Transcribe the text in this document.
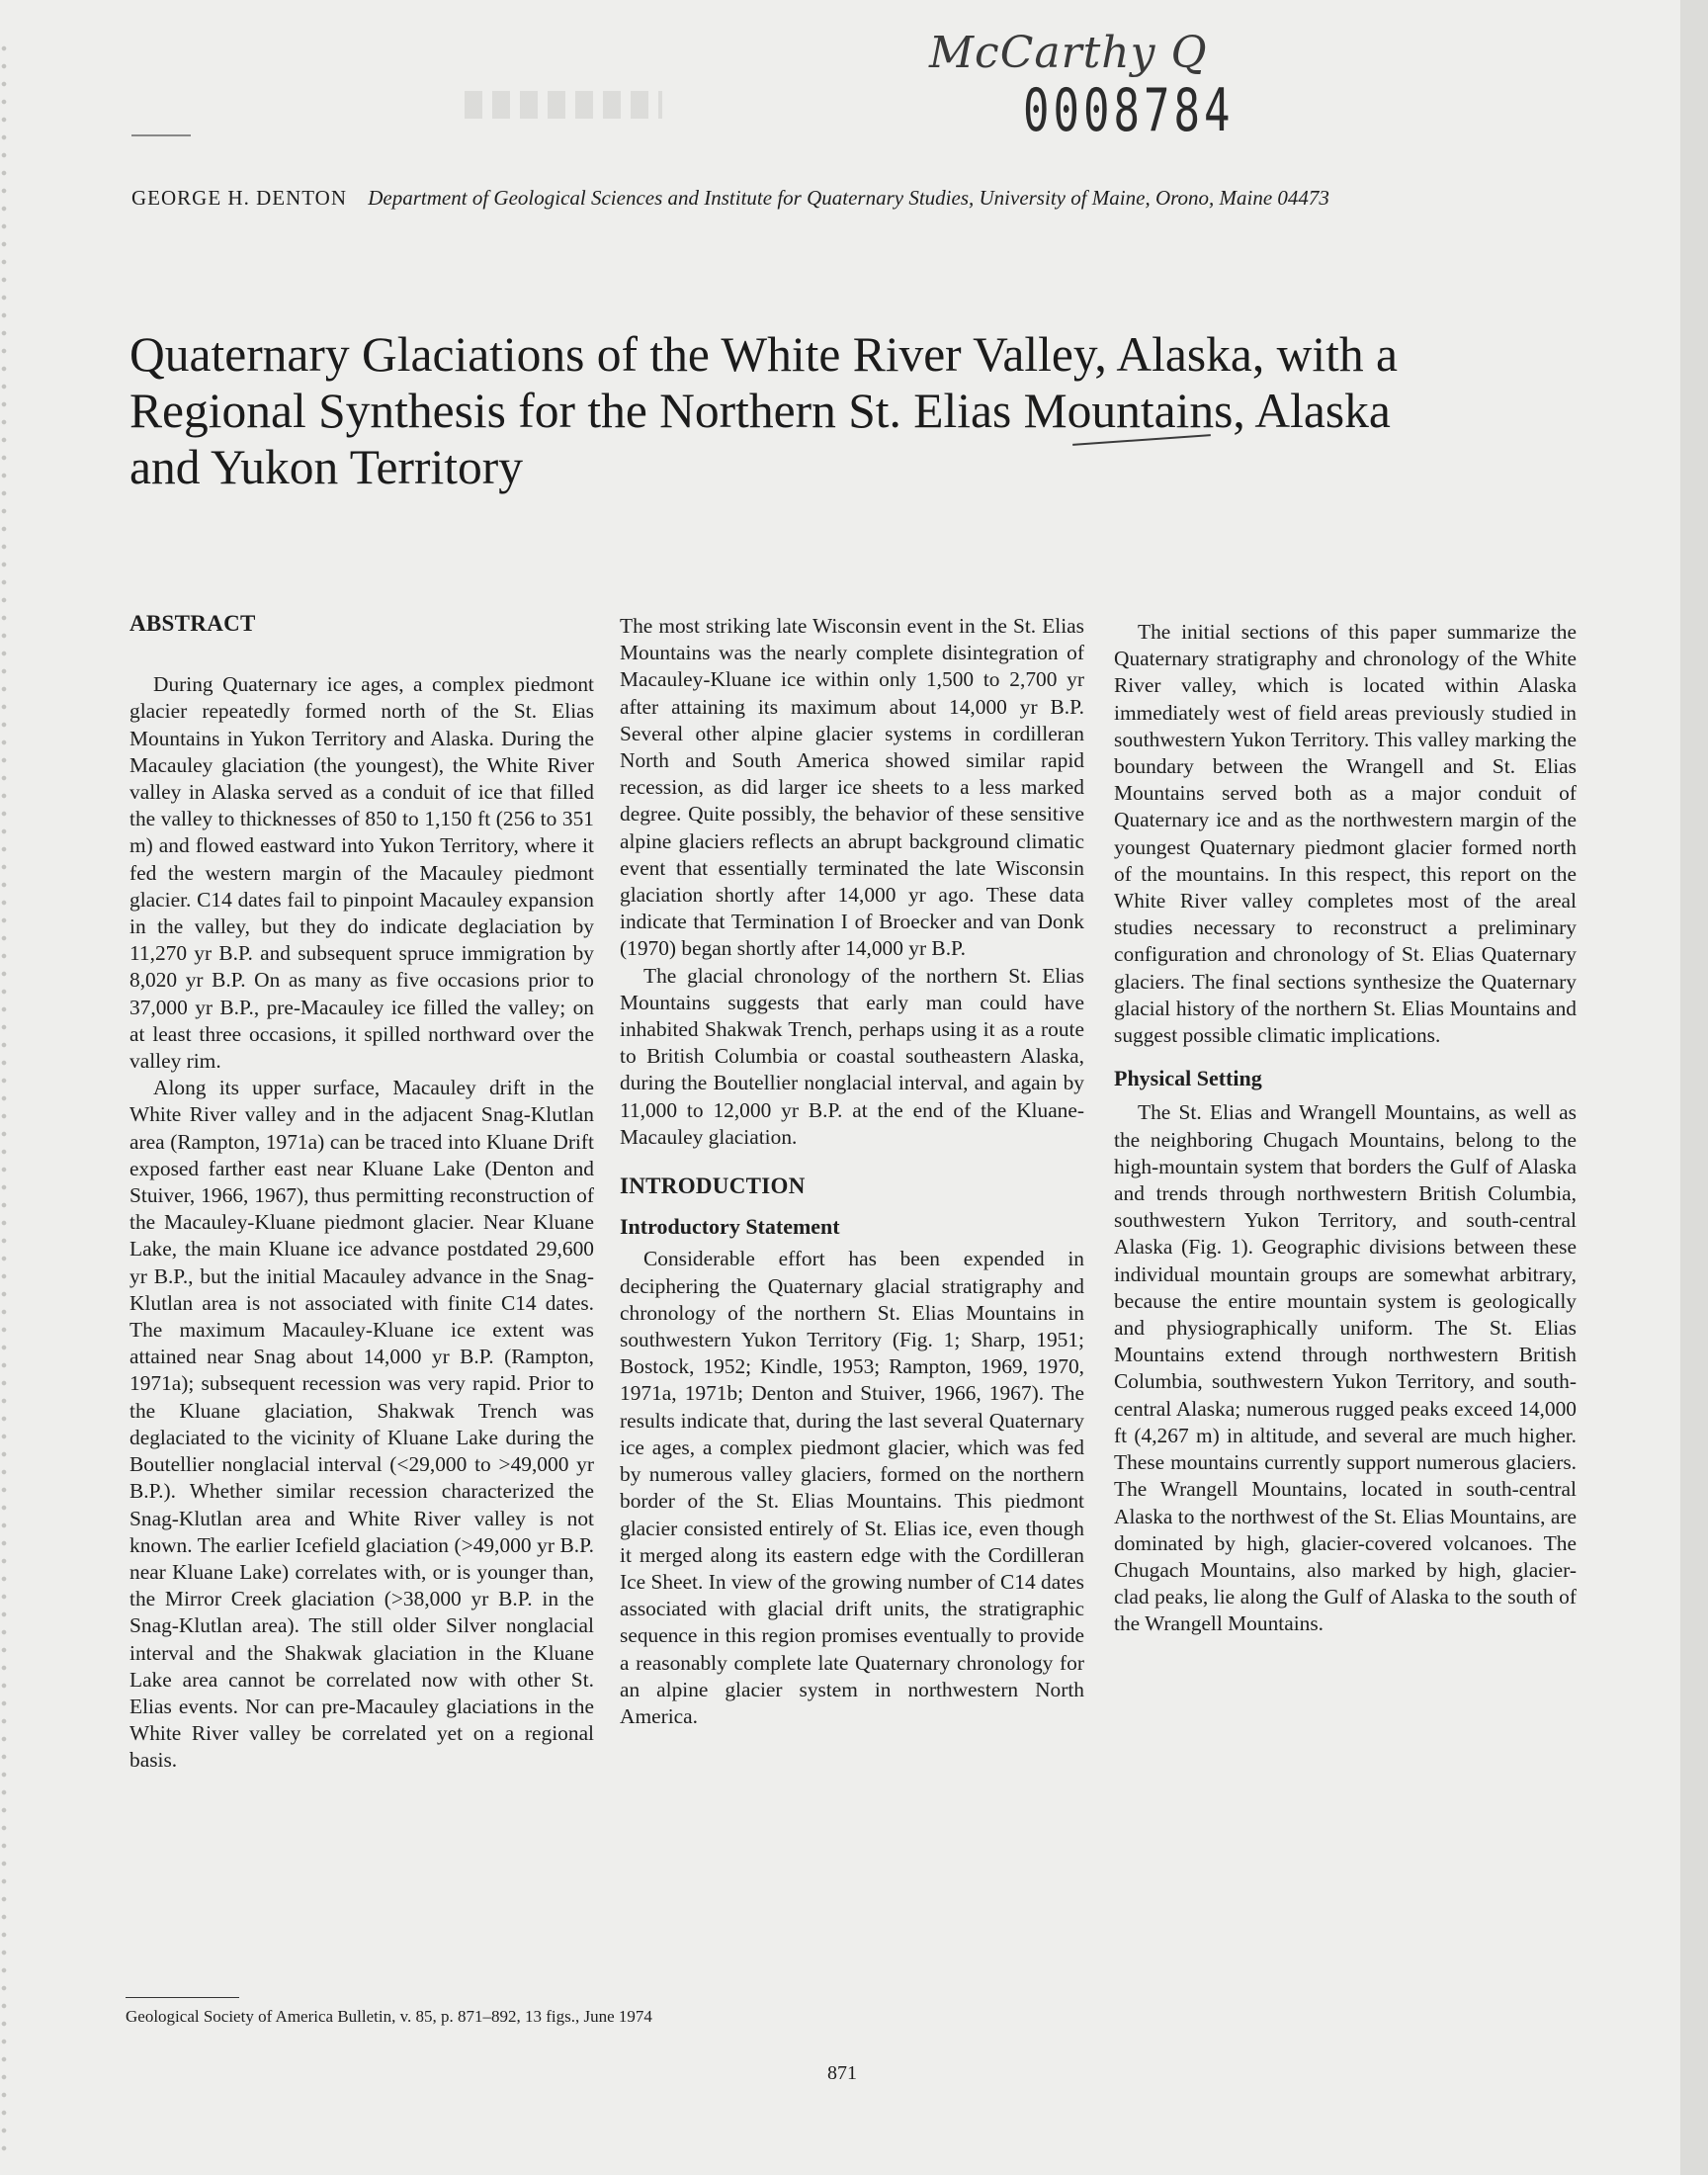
McCarthy Q
0008784
GEORGE H. DENTON Department of Geological Sciences and Institute for Quaternary Studies, University of Maine, Orono, Maine 04473
Quaternary Glaciations of the White River Valley, Alaska, with a Regional Synthesis for the Northern St. Elias Mountains, Alaska and Yukon Territory
ABSTRACT

During Quaternary ice ages, a complex piedmont glacier repeatedly formed north of the St. Elias Mountains in Yukon Territory and Alaska. During the Macauley glaciation (the youngest), the White River valley in Alaska served as a conduit of ice that filled the valley to thicknesses of 850 to 1,150 ft (256 to 351 m) and flowed eastward into Yukon Territory, where it fed the western margin of the Macauley piedmont glacier. C14 dates fail to pinpoint Macauley expansion in the valley, but they do indicate deglaciation by 11,270 yr B.P. and subsequent spruce immigration by 8,020 yr B.P. On as many as five occasions prior to 37,000 yr B.P., pre-Macauley ice filled the valley; on at least three occasions, it spilled northward over the valley rim.

Along its upper surface, Macauley drift in the White River valley and in the adjacent Snag-Klutlan area (Rampton, 1971a) can be traced into Kluane Drift exposed farther east near Kluane Lake (Denton and Stuiver, 1966, 1967), thus permitting reconstruction of the Macauley-Kluane piedmont glacier. Near Kluane Lake, the main Kluane ice advance postdated 29,600 yr B.P., but the initial Macauley advance in the Snag-Klutlan area is not associated with finite C14 dates. The maximum Macauley-Kluane ice extent was attained near Snag about 14,000 yr B.P. (Rampton, 1971a); subsequent recession was very rapid. Prior to the Kluane glaciation, Shakwak Trench was deglaciated to the vicinity of Kluane Lake during the Boutellier nonglacial interval (<29,000 to >49,000 yr B.P.). Whether similar recession characterized the Snag-Klutlan area and White River valley is not known. The earlier Icefield glaciation (>49,000 yr B.P. near Kluane Lake) correlates with, or is younger than, the Mirror Creek glaciation (>38,000 yr B.P. in the Snag-Klutlan area). The still older Silver nonglacial interval and the Shakwak glaciation in the Kluane Lake area cannot be correlated now with other St. Elias events. Nor can pre-Macauley glaciations in the White River valley be correlated yet on a regional basis.

The most striking late Wisconsin event in the St. Elias Mountains was the nearly complete disintegration of Macauley-Kluane ice within only 1,500 to 2,700 yr after attaining its maximum about 14,000 yr B.P. Several other alpine glacier systems in cordilleran North and South America showed similar rapid recession, as did larger ice sheets to a less marked degree. Quite possibly, the behavior of these sensitive alpine glaciers reflects an abrupt background climatic event that essentially terminated the late Wisconsin glaciation shortly after 14,000 yr ago. These data indicate that Termination I of Broecker and van Donk (1970) began shortly after 14,000 yr B.P.

The glacial chronology of the northern St. Elias Mountains suggests that early man could have inhabited Shakwak Trench, perhaps using it as a route to British Columbia or coastal southeastern Alaska, during the Boutellier nonglacial interval, and again by 11,000 to 12,000 yr B.P. at the end of the Kluane-Macauley glaciation.

INTRODUCTION
Introductory Statement

Considerable effort has been expended in deciphering the Quaternary glacial stratigraphy and chronology of the northern St. Elias Mountains in southwestern Yukon Territory (Fig. 1; Sharp, 1951; Bostock, 1952; Kindle, 1953; Rampton, 1969, 1970, 1971a, 1971b; Denton and Stuiver, 1966, 1967). The results indicate that, during the last several Quaternary ice ages, a complex piedmont glacier, which was fed by numerous valley glaciers, formed on the northern border of the St. Elias Mountains. This piedmont glacier consisted entirely of St. Elias ice, even though it merged along its eastern edge with the Cordilleran Ice Sheet. In view of the growing number of C14 dates associated with glacial drift units, the stratigraphic sequence in this region promises eventually to provide a reasonably complete late Quaternary chronology for an alpine glacier system in northwestern North America.

The initial sections of this paper summarize the Quaternary stratigraphy and chronology of the White River valley, which is located within Alaska immediately west of field areas previously studied in southwestern Yukon Territory. This valley marking the boundary between the Wrangell and St. Elias Mountains served both as a major conduit of Quaternary ice and as the northwestern margin of the youngest Quaternary piedmont glacier formed north of the mountains. In this respect, this report on the White River valley completes most of the areal studies necessary to reconstruct a preliminary configuration and chronology of St. Elias Quaternary glaciers. The final sections synthesize the Quaternary glacial history of the northern St. Elias Mountains and suggest possible climatic implications.

Physical Setting

The St. Elias and Wrangell Mountains, as well as the neighboring Chugach Mountains, belong to the high-mountain system that borders the Gulf of Alaska and trends through northwestern British Columbia, southwestern Yukon Territory, and south-central Alaska (Fig. 1). Geographic divisions between these individual mountain groups are somewhat arbitrary, because the entire mountain system is geologically and physiographically uniform. The St. Elias Mountains extend through northwestern British Columbia, southwestern Yukon Territory, and south-central Alaska; numerous rugged peaks exceed 14,000 ft (4,267 m) in altitude, and several are much higher. These mountains currently support numerous glaciers. The Wrangell Mountains, located in south-central Alaska to the northwest of the St. Elias Mountains, are dominated by high, glacier-covered volcanoes. The Chugach Mountains, also marked by high, glacier-clad peaks, lie along the Gulf of Alaska to the south of the Wrangell Mountains.

Geological Society of America Bulletin, v. 85, p. 871–892, 13 figs., June 1974
871
